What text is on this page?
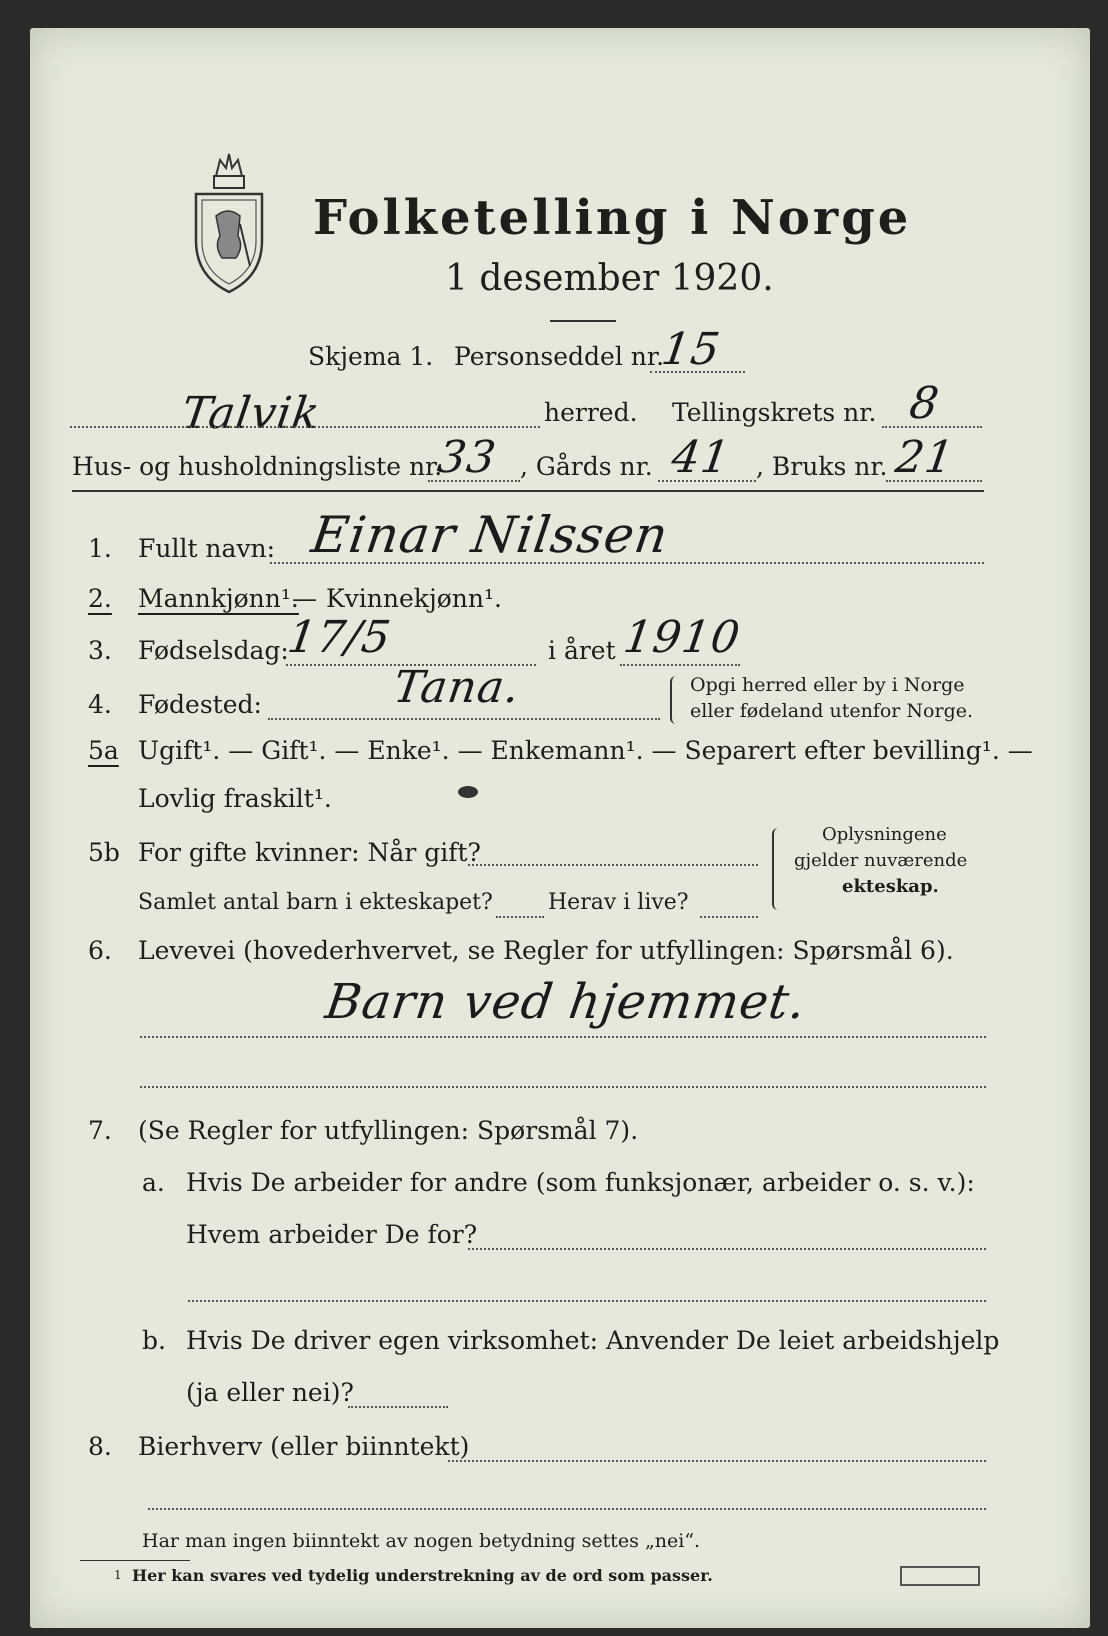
Folketelling i Norge
1 desember 1920.
Skjema 1. Personseddel nr.
15
Talvik	herred. Tellingskrets nr. 8
Hus- og husholdningsliste nr.
33 , Gårds nr. 41 , Bruks nr. 21
1. Fullt navn: Einar Nilssen
2. Mannkjønn¹.
— Kvinnekjønn¹.
3. Fødselsdag:
17/5	i året 1910
4. Fødested:	Tana.	Opgi herred eller by i Norge
eller fødeland utenfor Norge.
5a Ugift¹. — Gift¹. — Enke¹. — Enkemann¹. — Separert efter bevilling¹. —
Lovlig fraskilt¹.
5b For gifte kvinner: Når gift?
Samlet antal barn i ekteskapet?	Herav i live?
Oplysningene
gjelder nuværende
ekteskap.
6. Levevei (hovederhvervet, se Regler for utfyllingen: Spørsmål 6).
Barn ved hjemmet.
7. (Se Regler for utfyllingen: Spørsmål 7).
a. Hvis De arbeider for andre (som funksjonær, arbeider o. s. v.):
Hvem arbeider De for?
b. Hvis De driver egen virksomhet: Anvender De leiet arbeidshjelp
(ja eller nei)?
8. Bierhverv (eller biinntekt)
Har man ingen biinntekt av nogen betydning settes „nei“.
1 Her kan svares ved tydelig understrekning av de ord som passer.
